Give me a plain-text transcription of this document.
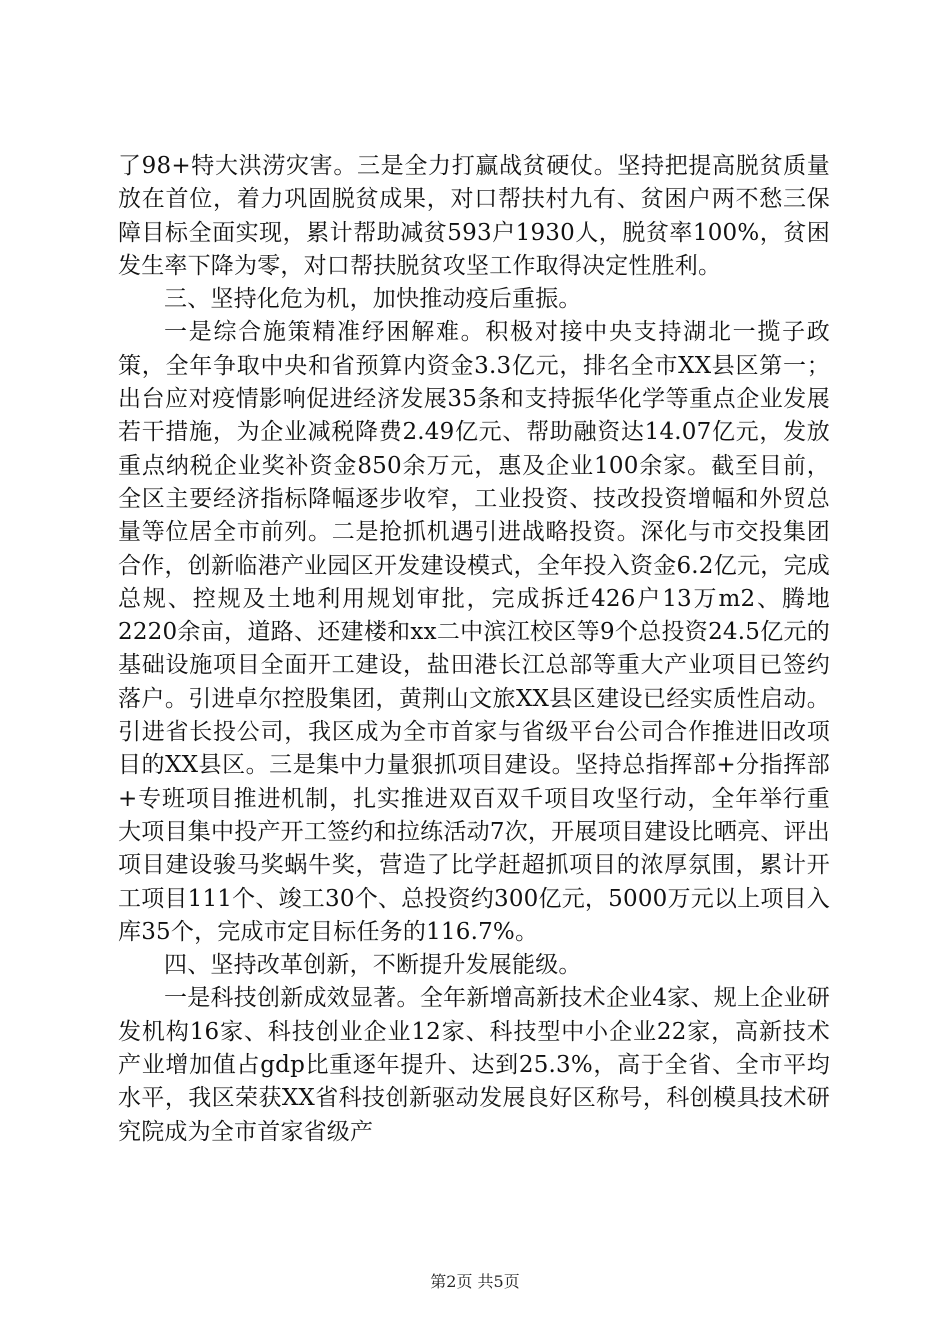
了98+特大洪涝灾害。三是全力打赢战贫硬仗。坚持把提高脱贫质量放在首位，着力巩固脱贫成果，对口帮扶村九有、贫困户两不愁三保障目标全面实现，累计帮助减贫593户1930人，脱贫率100%，贫困发生率下降为零，对口帮扶脱贫攻坚工作取得决定性胜利。

三、坚持化危为机，加快推动疫后重振。

一是综合施策精准纾困解难。积极对接中央支持湖北一揽子政策，全年争取中央和省预算内资金3.3亿元，排名全市XX县区第一；出台应对疫情影响促进经济发展35条和支持振华化学等重点企业发展若干措施，为企业减税降费2.49亿元、帮助融资达14.07亿元，发放重点纳税企业奖补资金850余万元，惠及企业100余家。截至目前，全区主要经济指标降幅逐步收窄，工业投资、技改投资增幅和外贸总量等位居全市前列。二是抢抓机遇引进战略投资。深化与市交投集团合作，创新临港产业园区开发建设模式，全年投入资金6.2亿元，完成总规、控规及土地利用规划审批，完成拆迁426户13万m2、腾地2220余亩，道路、还建楼和xx二中滨江校区等9个总投资24.5亿元的基础设施项目全面开工建设，盐田港长江总部等重大产业项目已签约落户。引进卓尔控股集团，黄荆山文旅XX县区建设已经实质性启动。引进省长投公司，我区成为全市首家与省级平台公司合作推进旧改项目的XX县区。三是集中力量狠抓项目建设。坚持总指挥部+分指挥部+专班项目推进机制，扎实推进双百双千项目攻坚行动，全年举行重大项目集中投产开工签约和拉练活动7次，开展项目建设比晒亮、评出项目建设骏马奖蜗牛奖，营造了比学赶超抓项目的浓厚氛围，累计开工项目111个、竣工30个、总投资约300亿元，5000万元以上项目入库35个，完成市定目标任务的116.7%。

四、坚持改革创新，不断提升发展能级。

一是科技创新成效显著。全年新增高新技术企业4家、规上企业研发机构16家、科技创业企业12家、科技型中小企业22家，高新技术产业增加值占gdp比重逐年提升、达到25.3%，高于全省、全市平均水平，我区荣获XX省科技创新驱动发展良好区称号，科创模具技术研究院成为全市首家省级产

第2页 共5页
